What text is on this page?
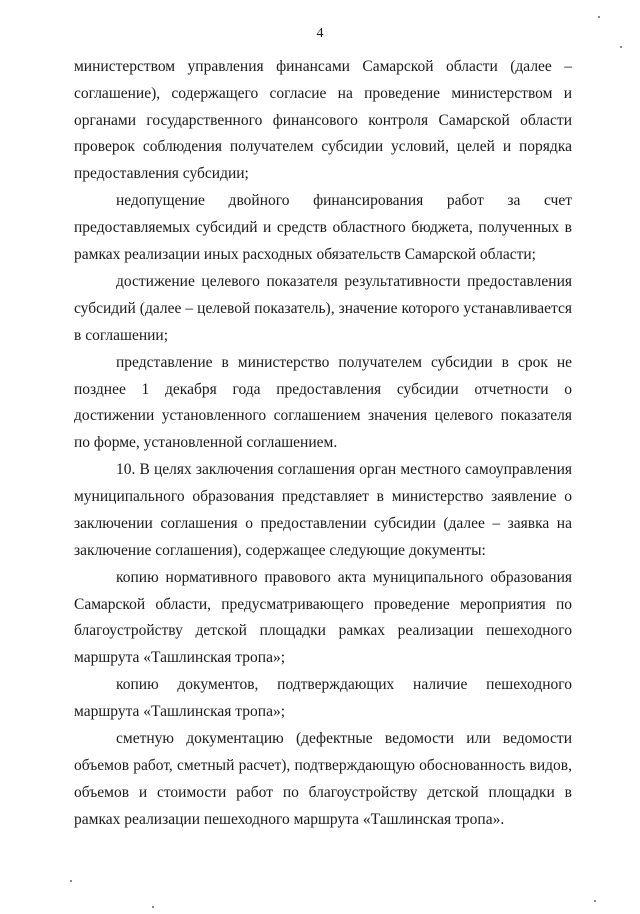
4

министерством управления финансами Самарской области (далее – соглашение), содержащего согласие на проведение министерством и органами государственного финансового контроля Самарской области проверок соблюдения получателем субсидии условий, целей и порядка предоставления субсидии;

недопущение двойного финансирования работ за счет предоставляемых субсидий и средств областного бюджета, полученных в рамках реализации иных расходных обязательств Самарской области;

достижение целевого показателя результативности предоставления субсидий (далее – целевой показатель), значение которого устанавливается в соглашении;

представление в министерство получателем субсидии в срок не позднее 1 декабря года предоставления субсидии отчетности о достижении установленного соглашением значения целевого показателя по форме, установленной соглашением.

10. В целях заключения соглашения орган местного самоуправления муниципального образования представляет в министерство заявление о заключении соглашения о предоставлении субсидии (далее – заявка на заключение соглашения), содержащее следующие документы:

копию нормативного правового акта муниципального образования Самарской области, предусматривающего проведение мероприятия по благоустройству детской площадки рамках реализации пешеходного маршрута «Ташлинская тропа»;

копию документов, подтверждающих наличие пешеходного маршрута «Ташлинская тропа»;

сметную документацию (дефектные ведомости или ведомости объемов работ, сметный расчет), подтверждающую обоснованность видов, объемов и стоимости работ по благоустройству детской площадки в рамках реализации пешеходного маршрута «Ташлинская тропа».
